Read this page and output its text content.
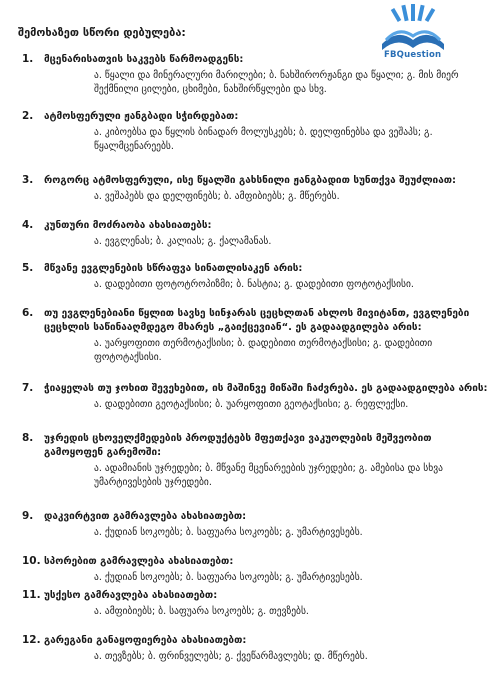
შემოხაზეთ სწორი დებულება:
FBQuestion
1.	მცენარისათვის საკვებს წარმოადგენს:
ა. წყალი და მინერალური მარილები; ბ. ნახშირორჟანგი და წყალი; გ. მის მიერ შექმნილი ცილები, ცხიმები, ნახშირწყლები და სხვ.
2.	ატმოსფერული ჟანგბადი სჭირდებათ:
ა. კიბოებსა და წყლის ბინადარ მოლუსკებს; ბ. დელფინებსა და ვეშაპს; გ. წყალმცენარეებს.
3.	როგორც ატმოსფერული, ისე წყალში გახსნილი ჟანგბადით სუნთქვა შეუძლიათ:
ა. ვეშაპებს და დელფინებს; ბ. ამფიბიებს; გ. მწერებს.
4.	კუნთური მოძრაობა ახასიათებს:
ა. ევგლენას; ბ. კალიას; გ. ქალამანას.
5.	მწვანე ევგლენების სწრაფვა სინათლისაკენ არის:
ა. დადებითი ფოტოტროპიზმი; ბ. ნასტია; გ. დადებითი ფოტოტაქსისი.
6.	თუ ევგლენებიანი წყლით სავსე სინჯარას ცეცხლთან ახლოს მივიტანთ, ევგლენები ცეცხლის საწინააღმდეგო მხარეს „გაიქცევიან“. ეს გადაადგილება არის:
ა. უარყოფითი თერმოტაქსისი; ბ. დადებითი თერმოტაქსისი; გ. დადებითი ფოტოტაქსისი.
7.	ჭიაყელას თუ ჯოხით შევეხებით, ის მაშინვე მიწაში ჩაძვრება. ეს გადაადგილება არის:
ა. დადებითი გეოტაქსისი; ბ. უარყოფითი გეოტაქსისი; გ. რეფლექსი.
8.	უჯრედის ცხოველქმედების პროდუქტებს მფეთქავი ვაკუოლების მეშვეობით გამოყოფენ გარემოში:
ა. ადამიანის უჯრედები; ბ. მწვანე მცენარეების უჯრედები; გ. ამებისა და სხვა უმარტივესების უჯრედები.
9.	დაკვირტვით გამრავლება ახასიათებთ:
ა. ქუდიან სოკოებს; ბ. საფუარა სოკოებს; გ. უმარტივესებს.
10. სპორებით გამრავლება ახასიათებთ:
ა. ქუდიან სოკოებს; ბ. საფუარა სოკოებს; გ. უმარტივესებს.
11. უსქესო გამრავლება ახასიათებთ:
ა. ამფიბიებს; ბ. საფუარა სოკოებს; გ. თევზებს.
12. გარეგანი განაყოფიერება ახასიათებთ:
ა. თევზებს; ბ. ფრინველებს; გ. ქვეწარმავლებს; დ. მწერებს.
